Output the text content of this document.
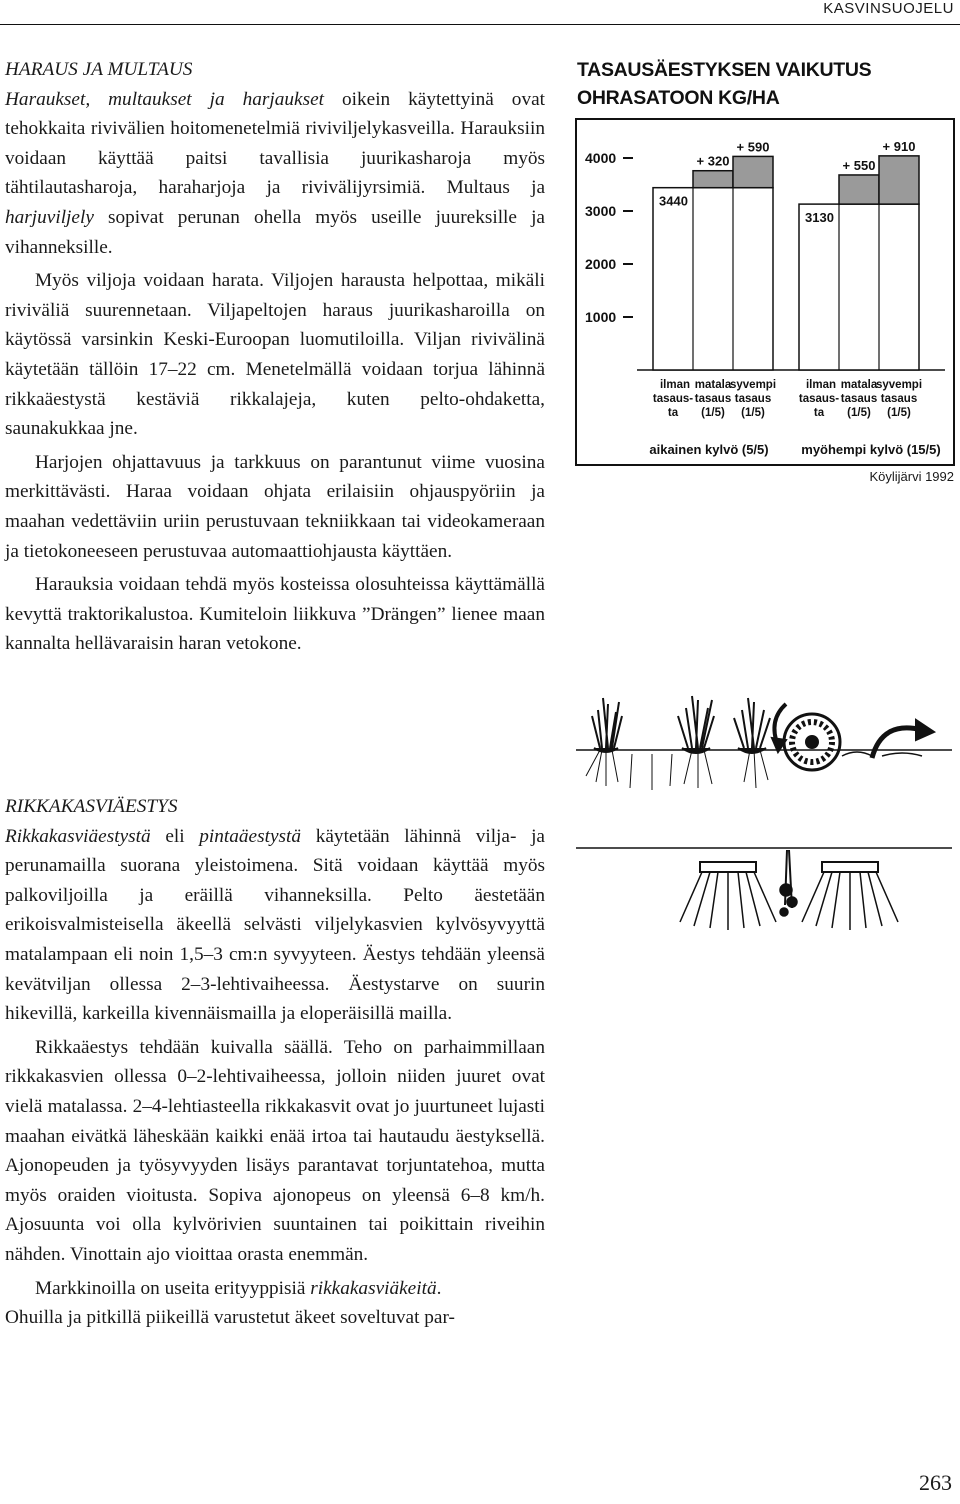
KASVINSUOJELU

HARAUS JA MULTAUS

Haraukset, multaukset ja harjaukset oikein käytettyinä ovat tehokkaita rivivälien hoitomenetelmiä riviviljelykasveilla. Harauksiin voidaan käyttää paitsi tavallisia juurikasharoja myös tähtilautasharoja, haraharjoja ja rivivälijyrsimiä. Multaus ja harjuviljely sopivat perunan ohella myös useille juureksille ja vihanneksille.

Myös viljoja voidaan harata. Viljojen harausta helpottaa, mikäli riviväliä suurennetaan. Viljapeltojen haraus juurikasharoilla on käytössä varsinkin Keski-Euroopan luomutiloilla. Viljan rivivälinä käytetään tällöin 17–22 cm. Menetelmällä voidaan torjua lähinnä rikkaäestystä kestäviä rikkalajeja, kuten pelto-ohdaketta, saunakukkaa jne.

Harjojen ohjattavuus ja tarkkuus on parantunut viime vuosina merkittävästi. Haraa voidaan ohjata erilaisiin ohjauspyöriin ja maahan vedettäviin uriin perustuvaan tekniikkaan tai videokameraan ja tietokoneeseen perustuvaa automaattiohjausta käyttäen.

Harauksia voidaan tehdä myös kosteissa olosuhteissa käyttämällä kevyttä traktorikalustoa. Kumiteloin liikkuva ”Drängen” lienee maan kannalta hellävaraisin haran vetokone.

RIKKAKASVIÄESTYS

Rikkakasviäestystä eli pintaäestystä käytetään lähinnä vilja- ja perunamailla suorana yleistoimena. Sitä voidaan käyttää myös palkoviljoilla ja eräillä vihanneksilla. Pelto äestetään erikoisvalmisteisella äkeellä selvästi viljelykasvien kylvösyvyyttä matalampaan eli noin 1,5–3 cm:n syvyyteen. Äestys tehdään yleensä kevätviljan ollessa 2–3-lehtivaiheessa. Äestystarve on suurin hikevillä, karkeilla kivennäismailla ja eloperäisillä mailla.

Rikkaäestys tehdään kuivalla säällä. Teho on parhaimmillaan rikkakasvien ollessa 0–2-lehtivaiheessa, jolloin niiden juuret ovat vielä matalassa. 2–4-lehtiasteella rikkakasvit ovat jo juurtuneet lujasti maahan eivätkä läheskään kaikki enää irtoa tai hautaudu äestyksellä. Ajonopeuden ja työsyvyyden lisäys parantavat torjuntatehoa, mutta myös oraiden vioitusta. Sopiva ajonopeus on yleensä 6–8 km/h. Ajosuunta voi olla kylvörivien suuntainen tai poikittain riveihin nähden. Vinottain ajo vioittaa orasta enemmän.

Markkinoilla on useita erityyppisiä rikkakasviäkeitä.

Ohuilla ja pitkillä piikeillä varustetut äkeet soveltuvat par-

TASAUSÄESTYKSEN VAIKUTUS
OHRASATOON KG/HA
4000
3000
2000
1000
3440
ilman
tasaus-
ta
+ 320
matala
tasaus
(1/5)
+ 590
syvempi
tasaus
(1/5)
aikainen kylvö (5/5)
3130
ilman
tasaus-
ta
+ 550
matala
tasaus
(1/5)
+ 910
syvempi
tasaus
(1/5)
myöhempi kylvö (15/5)
Köylijärvi 1992
263
